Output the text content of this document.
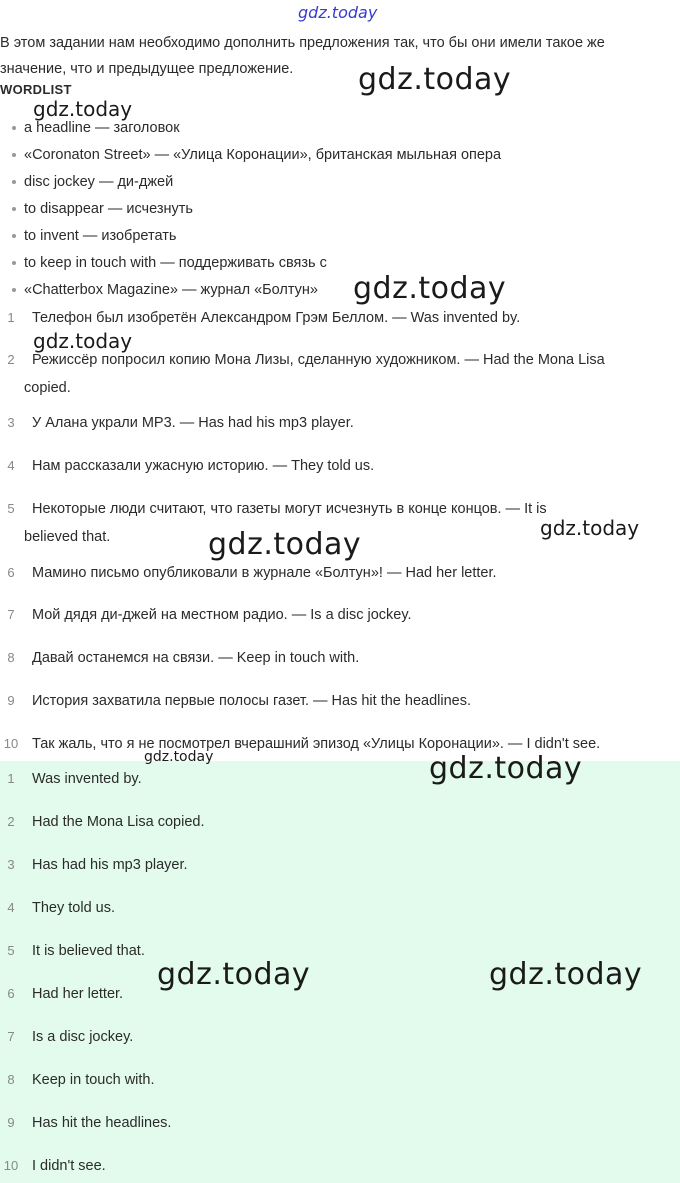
gdz.today
gdz.today
gdz.today
gdz.today
gdz.today
gdz.today
gdz.today
gdz.today	gdz.today
gdz.today	gdz.today
В этом задании нам необходимо дополнить предложения так, что бы они имели такое же значение, что и предыдущее предложение.
WORDLIST
a headline — заголовок
«Coronaton Street» — «Улица Коронации», британская мыльная опера
disc jockey — ди-джей
to disappear — исчезнуть
to invent — изобретать
to keep in touch with — поддерживать связь с
«Chatterbox Magazine» — журнал «Болтун»
1 Телефон был изобретён Александром Грэм Беллом. — Was invented by.
2 Режиссёр попросил копию Мона Лизы, сделанную художником. — Had the Mona Lisa
copied.
3 У Алана украли MP3. — Has had his mp3 player.
4 Нам рассказали ужасную историю. — They told us.
5 Некоторые люди считают, что газеты могут исчезнуть в конце концов. — It is
believed that.
6 Мамино письмо опубликовали в журнале «Болтун»! — Had her letter.
7 Мой дядя ди-джей на местном радио. — Is a disc jockey.
8 Давай останемся на связи. — Keep in touch with.
9 История захватила первые полосы газет. — Has hit the headlines.
10 Так жаль, что я не посмотрел вчерашний эпизод «Улицы Коронации». — I didn't see.
1 Was invented by.
2 Had the Mona Lisa copied.
3 Has had his mp3 player.
4 They told us.
5 It is believed that.
6 Had her letter.
7 Is a disc jockey.
8 Keep in touch with.
9 Has hit the headlines.
10 I didn't see.
